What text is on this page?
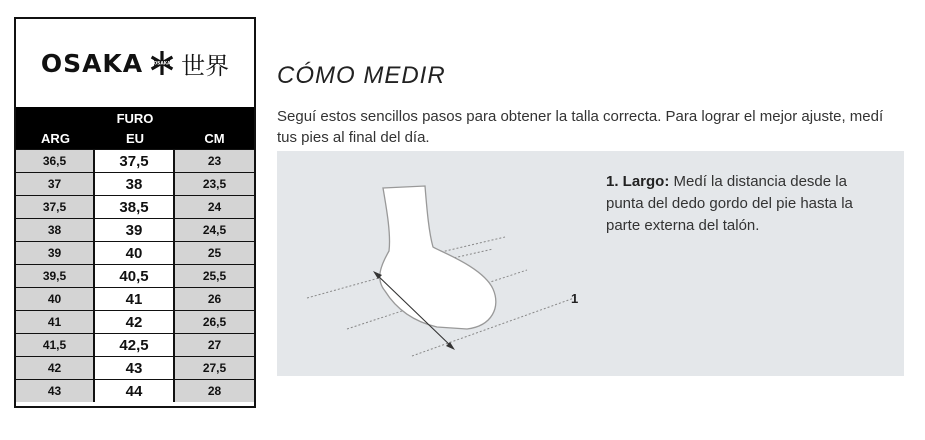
OSAKA OSAKA 世界
FURO
ARG	EU	CM
36,5	37,5	23
37	38	23,5
37,5	38,5	24
38	39	24,5
39	40	25
39,5	40,5	25,5
40	41	26
41	42	26,5
41,5	42,5	27
42	43	27,5
43	44	28
CÓMO MEDIR

Seguí estos sencillos pasos para obtener la talla correcta. Para lograr el mejor ajuste, medí tus pies al final del día.

1

1. Largo: Medí la distancia desde la punta del dedo gordo del pie hasta la parte externa del talón.
